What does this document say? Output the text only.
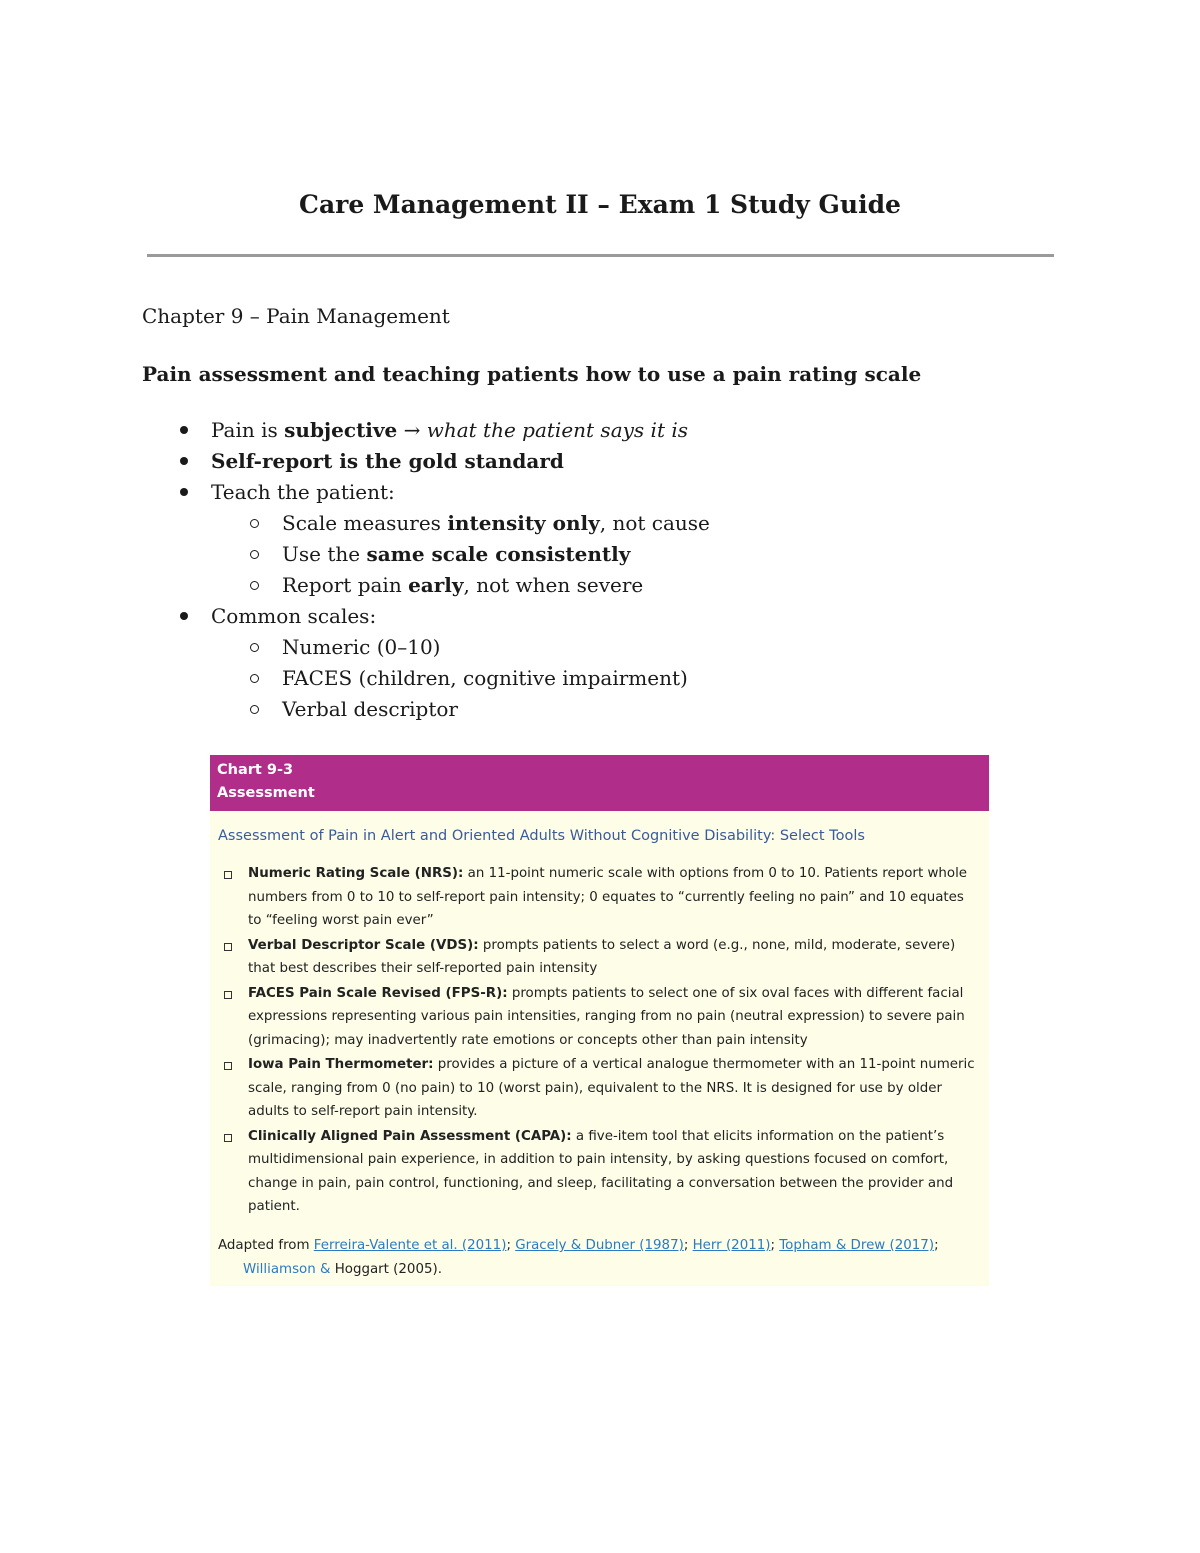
Care Management II – Exam 1 Study Guide
Chapter 9 – Pain Management
Pain assessment and teaching patients how to use a pain rating scale
Pain is subjective → what the patient says it is
Self-report is the gold standard
Teach the patient:
Scale measures intensity only, not cause
Use the same scale consistently
Report pain early, not when severe
Common scales:
Numeric (0–10)
FACES (children, cognitive impairment)
Verbal descriptor
Chart 9-3
Assessment
Assessment of Pain in Alert and Oriented Adults Without Cognitive Disability: Select Tools
Numeric Rating Scale (NRS): an 11-point numeric scale with options from 0 to 10. Patients report whole numbers from 0 to 10 to self-report pain intensity; 0 equates to “currently feeling no pain” and 10 equates to “feeling worst pain ever”
Verbal Descriptor Scale (VDS): prompts patients to select a word (e.g., none, mild, moderate, severe) that best describes their self-reported pain intensity
FACES Pain Scale Revised (FPS-R): prompts patients to select one of six oval faces with different facial expressions representing various pain intensities, ranging from no pain (neutral expression) to severe pain (grimacing); may inadvertently rate emotions or concepts other than pain intensity
Iowa Pain Thermometer: provides a picture of a vertical analogue thermometer with an 11-point numeric scale, ranging from 0 (no pain) to 10 (worst pain), equivalent to the NRS. It is designed for use by older adults to self-report pain intensity.
Clinically Aligned Pain Assessment (CAPA): a five-item tool that elicits information on the patient’s multidimensional pain experience, in addition to pain intensity, by asking questions focused on comfort, change in pain, pain control, functioning, and sleep, facilitating a conversation between the provider and patient.
Adapted from Ferreira-Valente et al. (2011); Gracely & Dubner (1987); Herr (2011); Topham & Drew (2017);
Williamson & Hoggart (2005).
